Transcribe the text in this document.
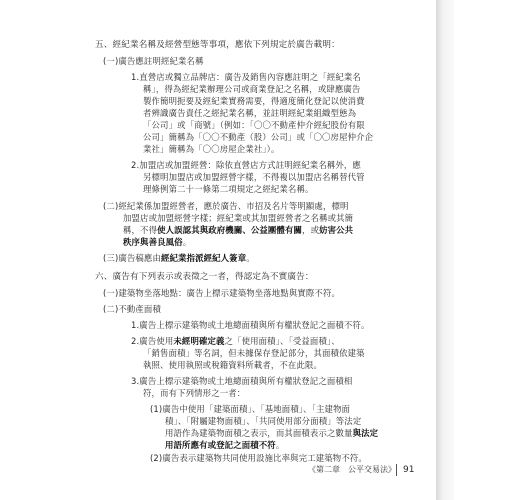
五、經紀業名稱及經營型態等事項，應依下列規定於廣告載明：
(一)廣告應註明經紀業名稱
1.直營店或獨立品牌店：廣告及銷售內容應註明之「經紀業名
稱」，得為經紀業辦理公司或商業登記之名稱，或肆應廣告
製作簡明扼要及經紀業實務需要，得適度簡化登記以使消費
者辨識廣告責任之經紀業名稱，並註明經紀業組織型態為
「公司」或「商號」（例如：「〇〇不動產仲介經紀股份有限
公司」簡稱為「〇〇不動產（股）公司」或「〇〇房屋仲介企
業社」簡稱為「〇〇房屋企業社」）。
2.加盟店或加盟經營：除依直營店方式註明經紀業名稱外，應
另標明加盟店或加盟經營字樣，不得複以加盟店名稱替代管
理條例第二十一條第二項規定之經紀業名稱。
(二)經紀業係加盟經營者，應於廣告、市招及名片等明顯處，標明
加盟店或加盟經營字樣；經紀業或其加盟經營者之名稱或其簡
稱，不得使人誤認其與政府機關、公益團體有關，或妨害公共
秩序與善良風俗。
(三)廣告稿應由經紀業指派經紀人簽章。
六、廣告有下列表示或表徵之一者，得認定為不實廣告：
(一)建築物坐落地點：廣告上標示建築物坐落地點與實際不符。
(二)不動產面積
1.廣告上標示建築物或土地總面積與所有權狀登記之面積不符。
2.廣告使用未經明確定義之「使用面積」、「受益面積」、
「銷售面積」等名詞，但未據保存登記部分，其面積依建築
執照、使用執照或稅籍資料所載者，不在此限。
3.廣告上標示建築物或土地總面積與所有權狀登記之面積相
符，而有下列情形之一者：
(1)廣告中使用「建築面積」、「基地面積」、「主建物面
積」、「附屬建物面積」、「共同使用部分面積」等法定
用語作為建築物面積之表示，而其面積表示之數量與法定
用語所應有或登記之面積不符。
(2)廣告表示建築物共同使用設施比率與完工建築物不符。
《第二章　公平交易法》 91
